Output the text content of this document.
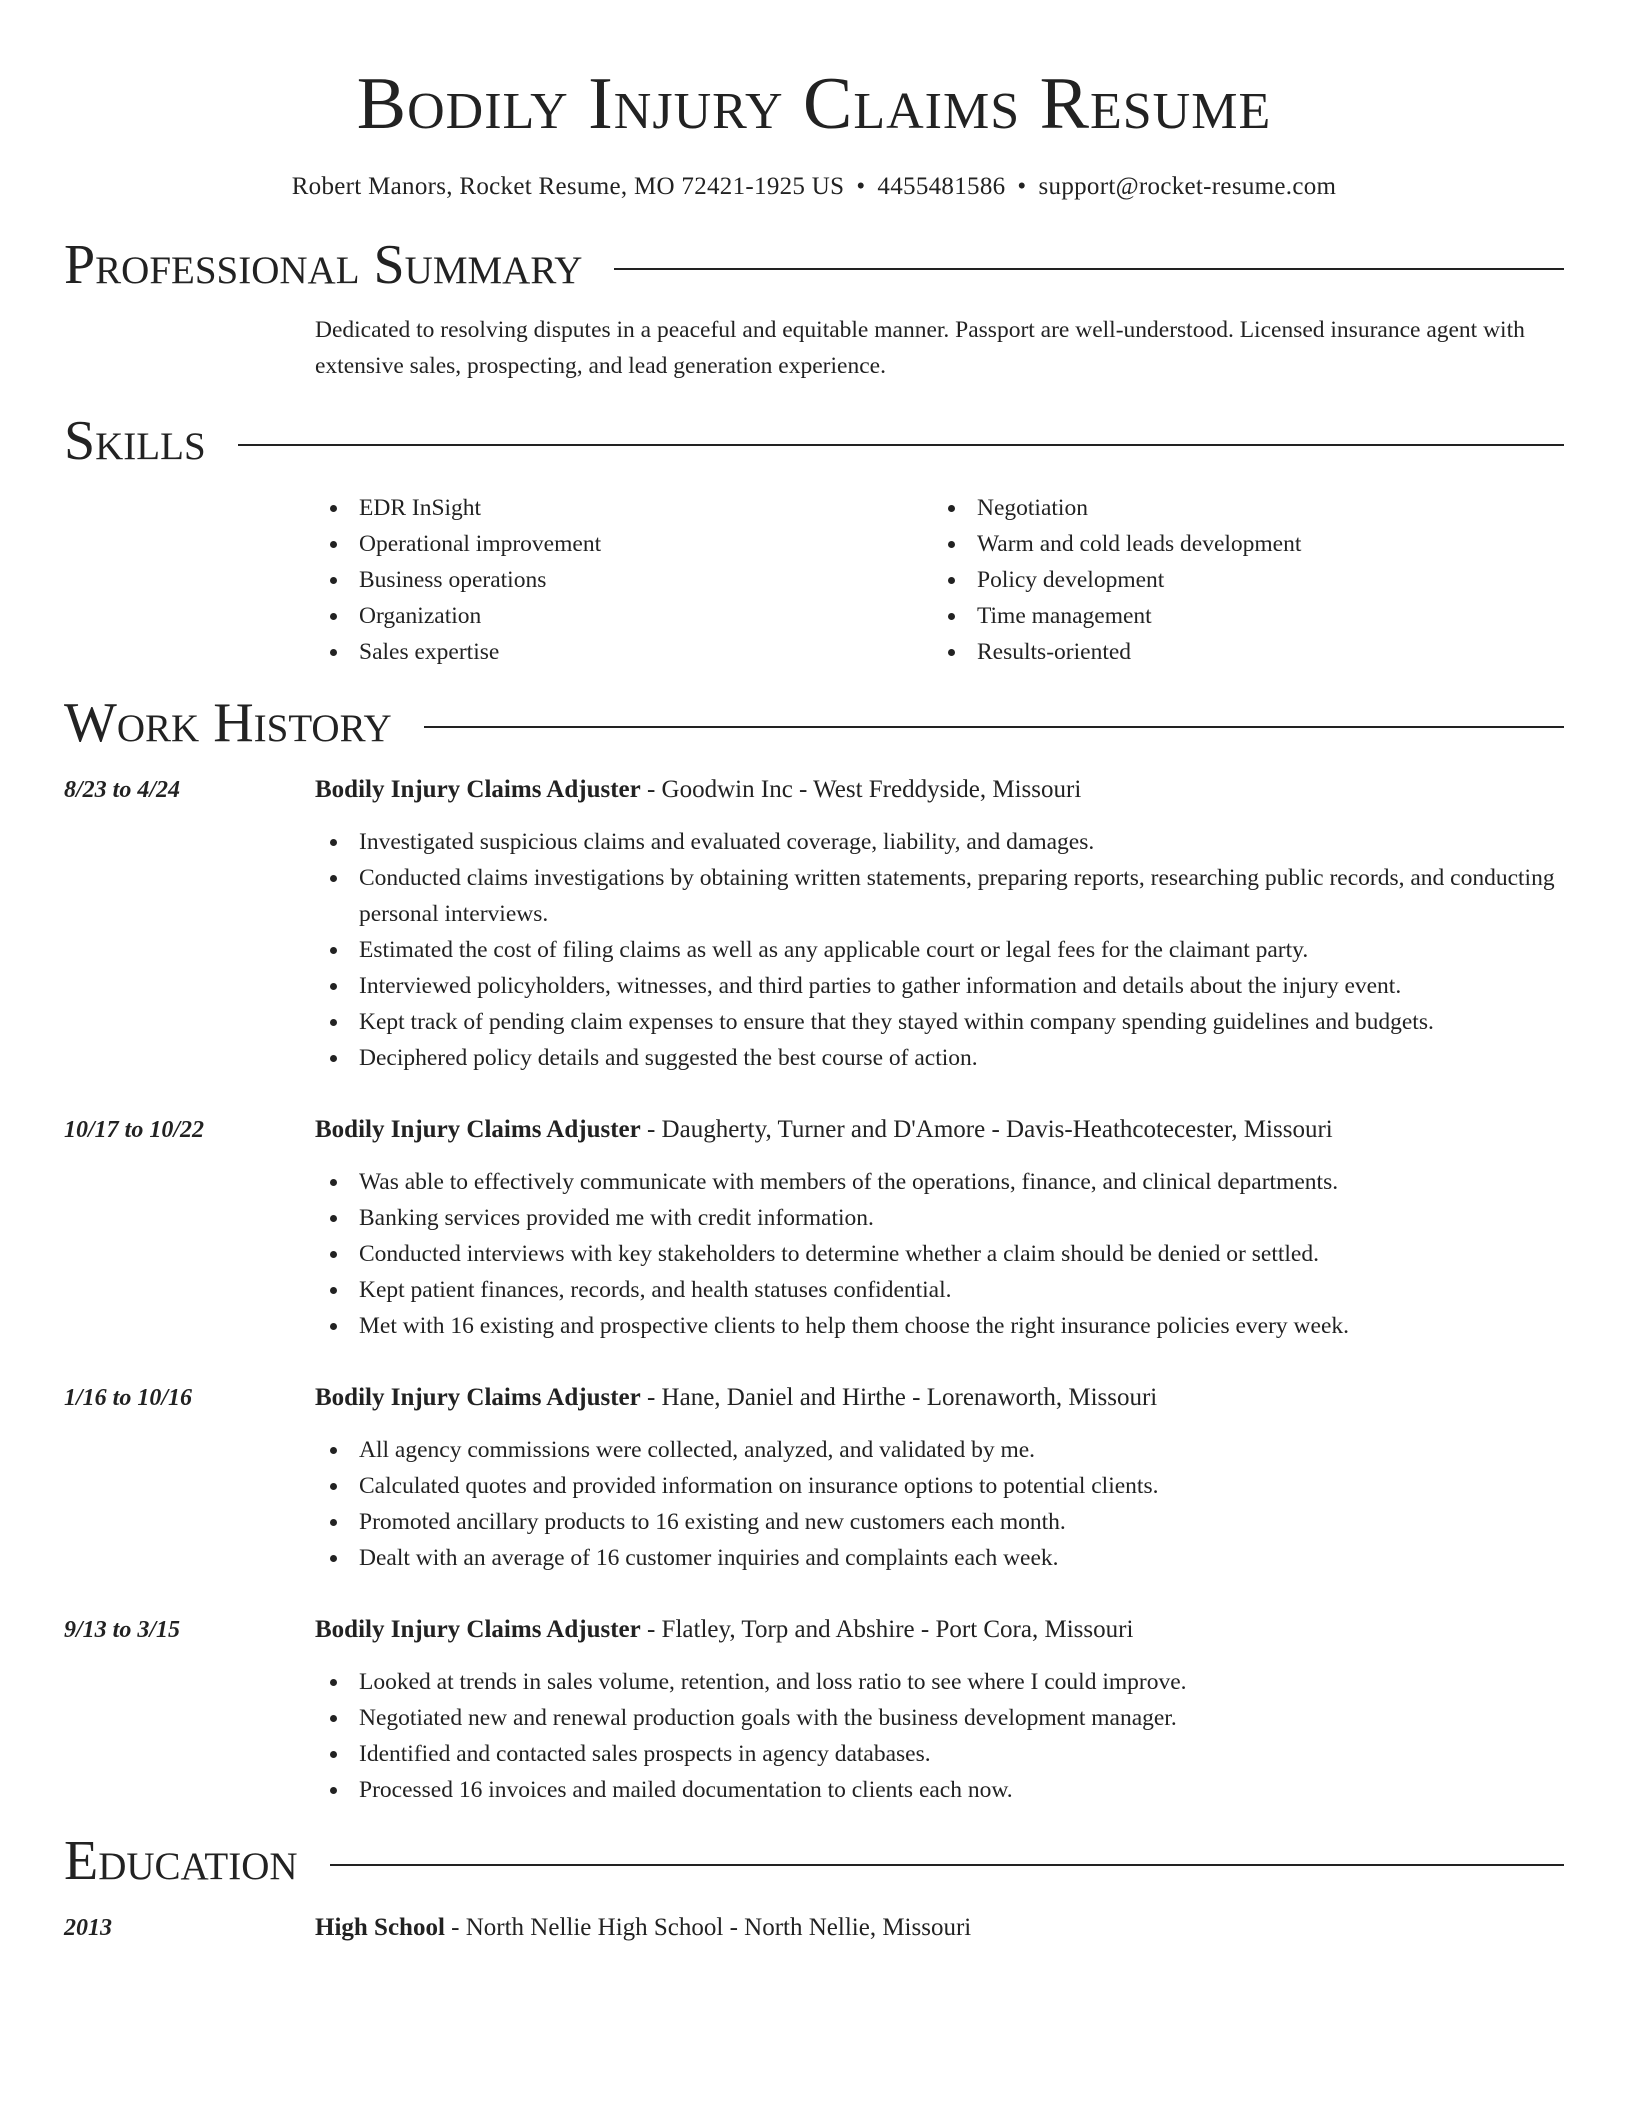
Bodily Injury Claims Resume
Robert Manors, Rocket Resume, MO 72421-1925 US • 4455481586 • support@rocket-resume.com
Professional Summary
Dedicated to resolving disputes in a peaceful and equitable manner. Passport are well-understood. Licensed insurance agent with extensive sales, prospecting, and lead generation experience.
Skills
EDR InSight
Operational improvement
Business operations
Organization
Sales expertise
Negotiation
Warm and cold leads development
Policy development
Time management
Results-oriented
Work History
8/23 to 4/24	Bodily Injury Claims Adjuster - Goodwin Inc - West Freddyside, Missouri
Investigated suspicious claims and evaluated coverage, liability, and damages.
Conducted claims investigations by obtaining written statements, preparing reports, researching public records, and conducting personal interviews.
Estimated the cost of filing claims as well as any applicable court or legal fees for the claimant party.
Interviewed policyholders, witnesses, and third parties to gather information and details about the injury event.
Kept track of pending claim expenses to ensure that they stayed within company spending guidelines and budgets.
Deciphered policy details and suggested the best course of action.
10/17 to 10/22	Bodily Injury Claims Adjuster - Daugherty, Turner and D'Amore - Davis-Heathcotecester, Missouri
Was able to effectively communicate with members of the operations, finance, and clinical departments.
Banking services provided me with credit information.
Conducted interviews with key stakeholders to determine whether a claim should be denied or settled.
Kept patient finances, records, and health statuses confidential.
Met with 16 existing and prospective clients to help them choose the right insurance policies every week.
1/16 to 10/16	Bodily Injury Claims Adjuster - Hane, Daniel and Hirthe - Lorenaworth, Missouri
All agency commissions were collected, analyzed, and validated by me.
Calculated quotes and provided information on insurance options to potential clients.
Promoted ancillary products to 16 existing and new customers each month.
Dealt with an average of 16 customer inquiries and complaints each week.
9/13 to 3/15	Bodily Injury Claims Adjuster - Flatley, Torp and Abshire - Port Cora, Missouri
Looked at trends in sales volume, retention, and loss ratio to see where I could improve.
Negotiated new and renewal production goals with the business development manager.
Identified and contacted sales prospects in agency databases.
Processed 16 invoices and mailed documentation to clients each now.
Education
2013	High School - North Nellie High School - North Nellie, Missouri
